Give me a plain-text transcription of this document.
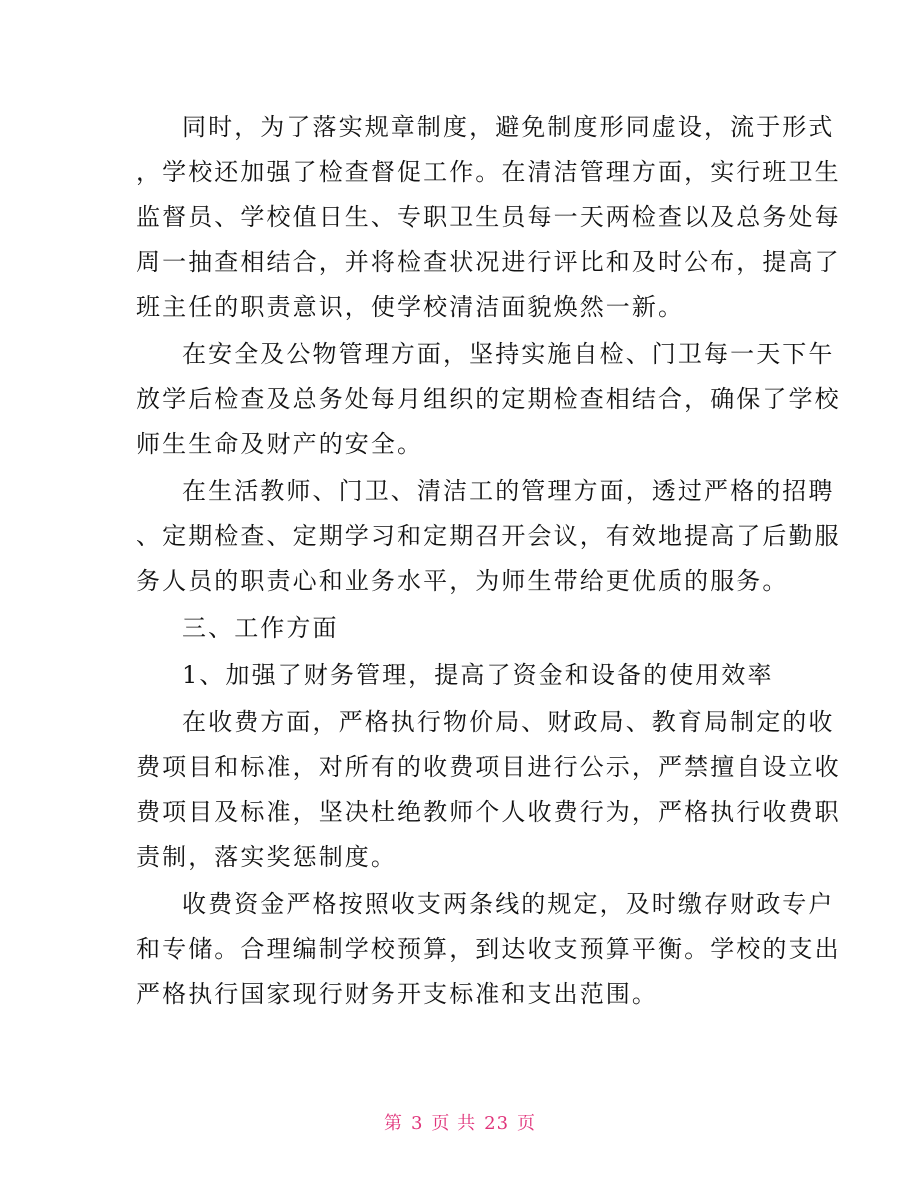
同时，为了落实规章制度，避免制度形同虚设，流于形式
，学校还加强了检查督促工作。在清洁管理方面，实行班卫生
监督员、学校值日生、专职卫生员每一天两检查以及总务处每
周一抽查相结合，并将检查状况进行评比和及时公布，提高了
班主任的职责意识，使学校清洁面貌焕然一新。
在安全及公物管理方面，坚持实施自检、门卫每一天下午
放学后检查及总务处每月组织的定期检查相结合，确保了学校
师生生命及财产的安全。
在生活教师、门卫、清洁工的管理方面，透过严格的招聘
、定期检查、定期学习和定期召开会议，有效地提高了后勤服
务人员的职责心和业务水平，为师生带给更优质的服务。
三、工作方面
1、加强了财务管理，提高了资金和设备的使用效率
在收费方面，严格执行物价局、财政局、教育局制定的收
费项目和标准，对所有的收费项目进行公示，严禁擅自设立收
费项目及标准，坚决杜绝教师个人收费行为，严格执行收费职
责制，落实奖惩制度。
收费资金严格按照收支两条线的规定，及时缴存财政专户
和专储。合理编制学校预算，到达收支预算平衡。学校的支出
严格执行国家现行财务开支标准和支出范围。
第 3 页 共 23 页
